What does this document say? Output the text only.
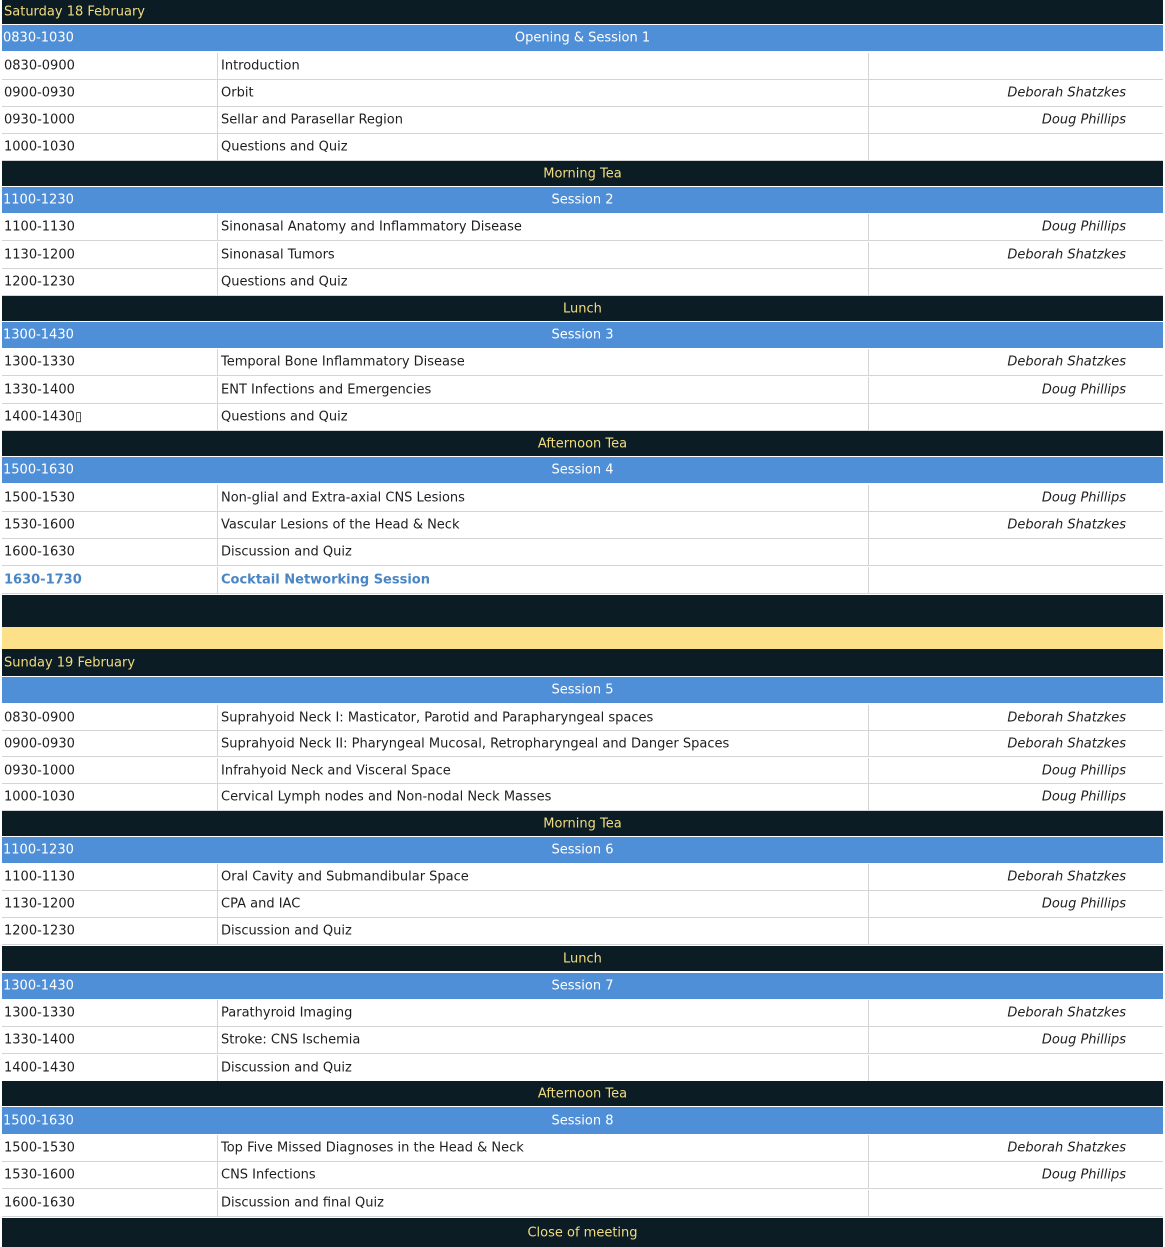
Saturday 18 February
0830-1030	Opening & Session 1
0830-0900	Introduction
0900-0930	Orbit	Deborah Shatzkes
0930-1000	Sellar and Parasellar Region	Doug Phillips
1000-1030	Questions and Quiz
Morning Tea
1100-1230	Session 2
1100-1130	Sinonasal Anatomy and Inflammatory Disease	Doug Phillips
1130-1200	Sinonasal Tumors	Deborah Shatzkes
1200-1230	Questions and Quiz
Lunch
1300-1430	Session 3
1300-1330	Temporal Bone Inflammatory Disease	Deborah Shatzkes
1330-1400	ENT Infections and Emergencies	Doug Phillips
1400-1430▯	Questions and Quiz
Afternoon Tea
1500-1630	Session 4
1500-1530	Non-glial and Extra-axial CNS Lesions	Doug Phillips
1530-1600	Vascular Lesions of the Head & Neck	Deborah Shatzkes
1600-1630	Discussion and Quiz
1630-1730	Cocktail Networking Session
Sunday 19 February
Session 5
0830-0900	Suprahyoid Neck I: Masticator, Parotid and Parapharyngeal spaces	Deborah Shatzkes
0900-0930	Suprahyoid Neck II: Pharyngeal Mucosal, Retropharyngeal and Danger Spaces	Deborah Shatzkes
0930-1000	Infrahyoid Neck and Visceral Space	Doug Phillips
1000-1030	Cervical Lymph nodes and Non-nodal Neck Masses	Doug Phillips
Morning Tea
1100-1230	Session 6
1100-1130	Oral Cavity and Submandibular Space	Deborah Shatzkes
1130-1200	CPA and IAC	Doug Phillips
1200-1230	Discussion and Quiz
Lunch
1300-1430	Session 7
1300-1330	Parathyroid Imaging	Deborah Shatzkes
1330-1400	Stroke: CNS Ischemia	Doug Phillips
1400-1430	Discussion and Quiz
Afternoon Tea
1500-1630	Session 8
1500-1530	Top Five Missed Diagnoses in the Head & Neck	Deborah Shatzkes
1530-1600	CNS Infections	Doug Phillips
1600-1630	Discussion and final Quiz
Close of meeting
